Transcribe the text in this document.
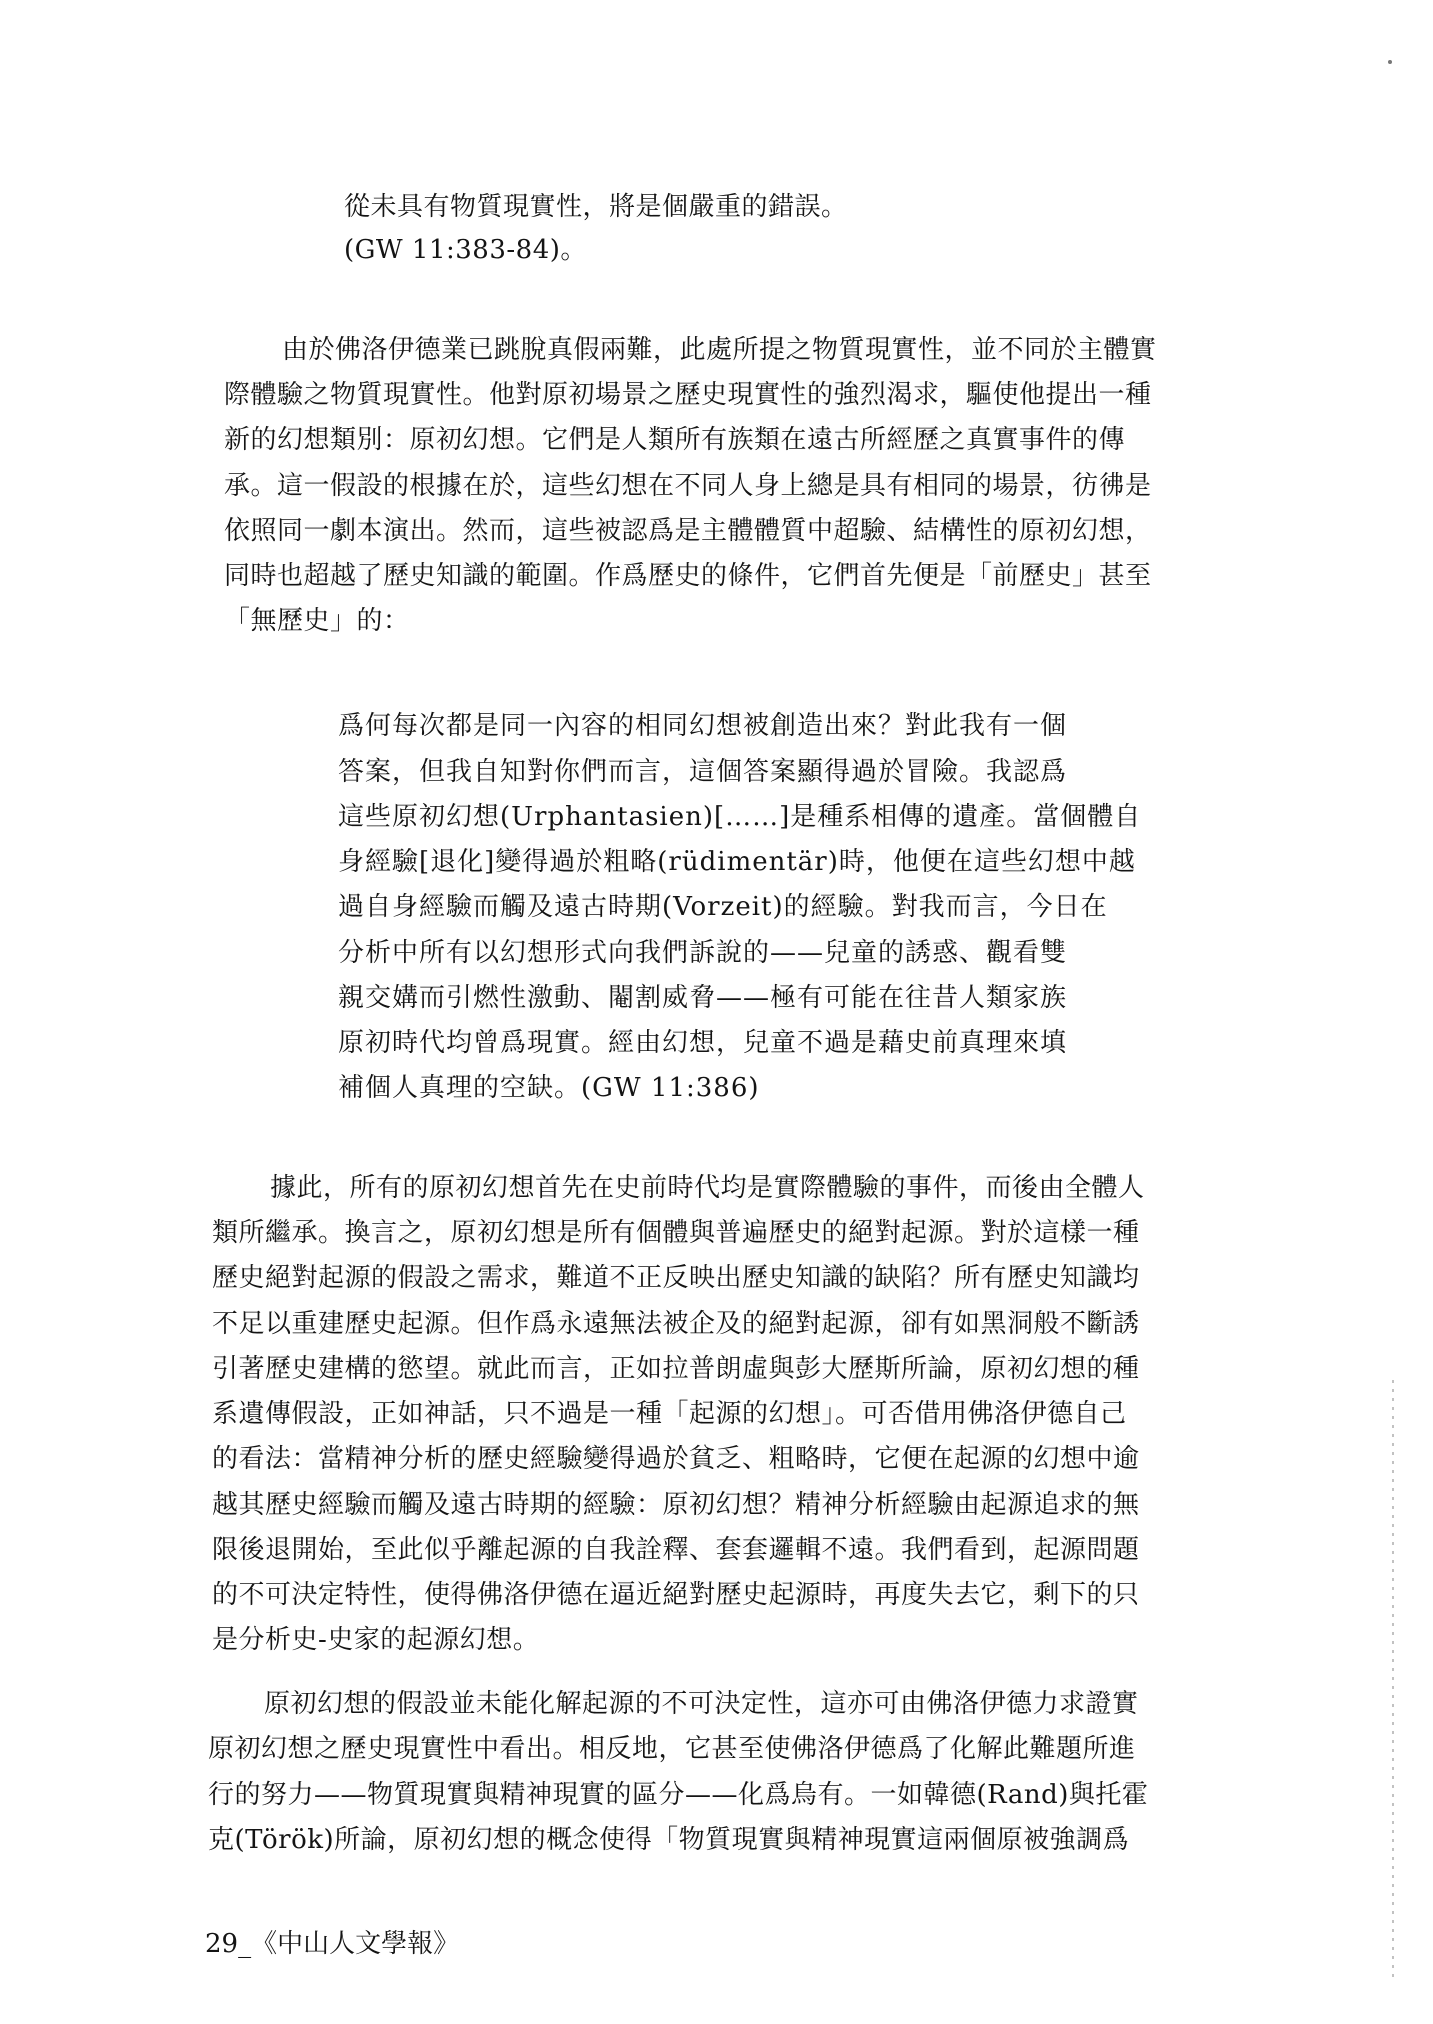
從未具有物質現實性，將是個嚴重的錯誤。
(GW 11:383-84)。
由於佛洛伊德業已跳脫真假兩難，此處所提之物質現實性，並不同於主體實
際體驗之物質現實性。他對原初場景之歷史現實性的強烈渴求，驅使他提出一種
新的幻想類別：原初幻想。它們是人類所有族類在遠古所經歷之真實事件的傳
承。這一假設的根據在於，這些幻想在不同人身上總是具有相同的場景，彷彿是
依照同一劇本演出。然而，這些被認爲是主體體質中超驗、結構性的原初幻想，
同時也超越了歷史知識的範圍。作爲歷史的條件，它們首先便是「前歷史」甚至
「無歷史」的：
爲何每次都是同一內容的相同幻想被創造出來？對此我有一個
答案，但我自知對你們而言，這個答案顯得過於冒險。我認爲
這些原初幻想(Urphantasien)[……]是種系相傳的遺產。當個體自
身經驗[退化]變得過於粗略(rüdimentär)時，他便在這些幻想中越
過自身經驗而觸及遠古時期(Vorzeit)的經驗。對我而言，今日在
分析中所有以幻想形式向我們訴說的——兒童的誘惑、觀看雙
親交媾而引燃性激動、閹割威脅——極有可能在往昔人類家族
原初時代均曾爲現實。經由幻想，兒童不過是藉史前真理來填
補個人真理的空缺。(GW 11:386)
據此，所有的原初幻想首先在史前時代均是實際體驗的事件，而後由全體人
類所繼承。換言之，原初幻想是所有個體與普遍歷史的絕對起源。對於這樣一種
歷史絕對起源的假設之需求，難道不正反映出歷史知識的缺陷？所有歷史知識均
不足以重建歷史起源。但作爲永遠無法被企及的絕對起源，卻有如黑洞般不斷誘
引著歷史建構的慾望。就此而言，正如拉普朗虛與彭大歷斯所論，原初幻想的種
系遺傳假設，正如神話，只不過是一種「起源的幻想」。可否借用佛洛伊德自己
的看法：當精神分析的歷史經驗變得過於貧乏、粗略時，它便在起源的幻想中逾
越其歷史經驗而觸及遠古時期的經驗：原初幻想？精神分析經驗由起源追求的無
限後退開始，至此似乎離起源的自我詮釋、套套邏輯不遠。我們看到，起源問題
的不可決定特性，使得佛洛伊德在逼近絕對歷史起源時，再度失去它，剩下的只
是分析史-史家的起源幻想。
原初幻想的假設並未能化解起源的不可決定性，這亦可由佛洛伊德力求證實
原初幻想之歷史現實性中看出。相反地，它甚至使佛洛伊德爲了化解此難題所進
行的努力——物質現實與精神現實的區分——化爲烏有。一如韓德(Rand)與托霍
克(Török)所論，原初幻想的概念使得「物質現實與精神現實這兩個原被強調爲
29_《中山人文學報》
